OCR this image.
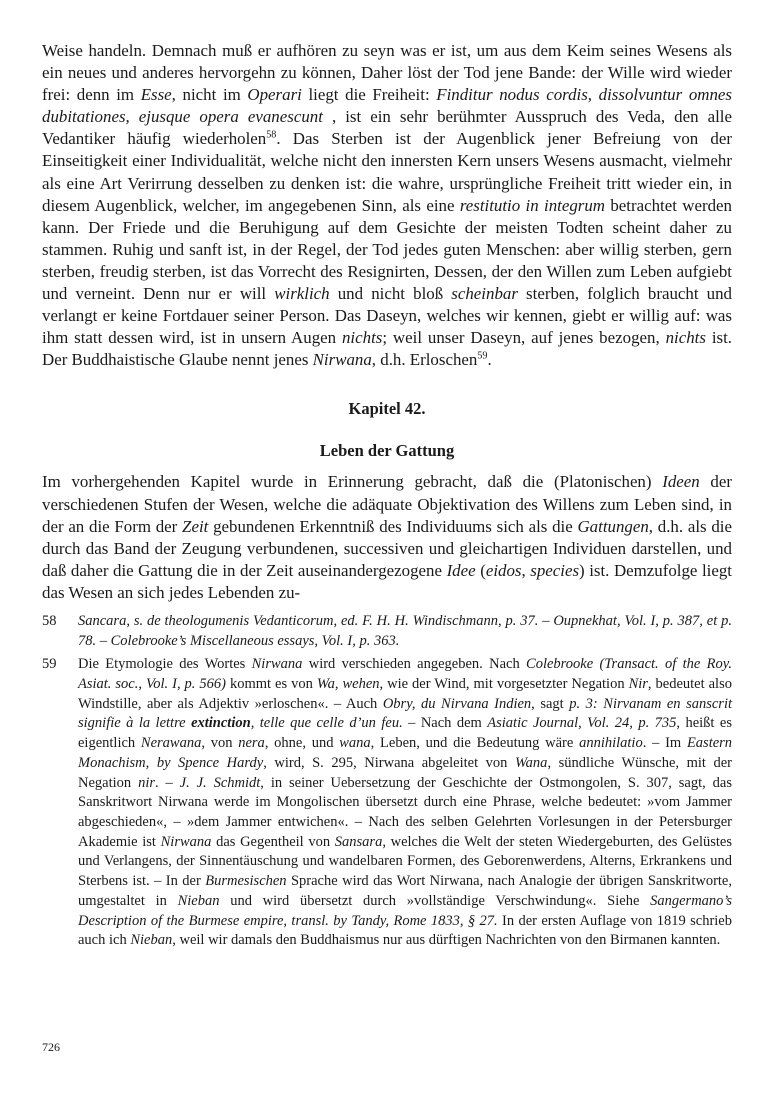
Weise handeln. Demnach muß er aufhören zu seyn was er ist, um aus dem Keim seines Wesens als ein neues und anderes hervorgehn zu können, Daher löst der Tod jene Bande: der Wille wird wieder frei: denn im Esse, nicht im Operari liegt die Freiheit: Finditur nodus cordis, dissolvuntur omnes dubitationes, ejusque opera evanescunt , ist ein sehr berühmter Ausspruch des Veda, den alle Vedantiker häufig wiederholen$^{58}$. Das Sterben ist der Augenblick jener Befreiung von der Einseitigkeit einer Individualität, welche nicht den innersten Kern unsers Wesens ausmacht, vielmehr als eine Art Verirrung desselben zu denken ist: die wahre, ursprüngliche Freiheit tritt wieder ein, in diesem Augenblick, welcher, im angegebenen Sinn, als eine restitutio in integrum betrachtet werden kann. Der Friede und die Beruhigung auf dem Gesichte der meisten Todten scheint daher zu stammen. Ruhig und sanft ist, in der Regel, der Tod jedes guten Menschen: aber willig sterben, gern sterben, freudig sterben, ist das Vorrecht des Resignirten, Dessen, der den Willen zum Leben aufgiebt und verneint. Denn nur er will wirklich und nicht bloß scheinbar sterben, folglich braucht und verlangt er keine Fortdauer seiner Person. Das Daseyn, welches wir kennen, giebt er willig auf: was ihm statt dessen wird, ist in unsern Augen nichts; weil unser Daseyn, auf jenes bezogen, nichts ist. Der Buddhaistische Glaube nennt jenes Nirwana, d.h. Erloschen$^{59}$.

Kapitel 42.
Leben der Gattung

Im vorhergehenden Kapitel wurde in Erinnerung gebracht, daß die (Platonischen) Ideen der verschiedenen Stufen der Wesen, welche die adäquate Objektivation des Willens zum Leben sind, in der an die Form der Zeit gebundenen Erkenntniß des Individuums sich als die Gattungen, d.h. als die durch das Band der Zeugung verbundenen, successiven und gleichartigen Individuen darstellen, und daß daher die Gattung die in der Zeit auseinandergezogene Idee (eidos, species) ist. Demzufolge liegt das Wesen an sich jedes Lebenden zu-

58	Sancara, s. de theologumenis Vedanticorum, ed. F. H. H. Windischmann, p. 37. – Oupnekhat, Vol. I, p. 387, et p. 78. – Colebrooke’s Miscellaneous essays, Vol. I, p. 363.
59	Die Etymologie des Wortes Nirwana wird verschieden angegeben. Nach Colebrooke (Transact. of the Roy. Asiat. soc., Vol. I, p. 566) kommt es von Wa, wehen, wie der Wind, mit vorgesetzter Negation Nir, bedeutet also Windstille, aber als Adjektiv »erloschen«. – Auch Obry, du Nirvana Indien, sagt p. 3: Nirvanam en sanscrit signifie à la lettre extinction, telle que celle d’un feu. – Nach dem Asiatic Journal, Vol. 24, p. 735, heißt es eigentlich Nerawana, von nera, ohne, und wana, Leben, und die Bedeutung wäre annihilatio. – Im Eastern Monachism, by Spence Hardy, wird, S. 295, Nirwana abgeleitet von Wana, sündliche Wünsche, mit der Negation nir. – J. J. Schmidt, in seiner Uebersetzung der Geschichte der Ostmongolen, S. 307, sagt, das Sanskritwort Nirwana werde im Mongolischen übersetzt durch eine Phrase, welche bedeutet: »vom Jammer abgeschieden«, – »dem Jammer entwichen«. – Nach des selben Gelehrten Vorlesungen in der Petersburger Akademie ist Nirwana das Gegentheil von Sansara, welches die Welt der steten Wiedergeburten, des Gelüstes und Verlangens, der Sinnentäuschung und wandelbaren Formen, des Geborenwerdens, Alterns, Erkrankens und Sterbens ist. – In der Burmesischen Sprache wird das Wort Nirwana, nach Analogie der übrigen Sanskritworte, umgestaltet in Nieban und wird übersetzt durch »vollständige Verschwindung«. Siehe Sangermano’s Description of the Burmese empire, transl. by Tandy, Rome 1833, § 27. In der ersten Auflage von 1819 schrieb auch ich Nieban, weil wir damals den Buddhaismus nur aus dürftigen Nachrichten von den Birmanen kannten.
726
